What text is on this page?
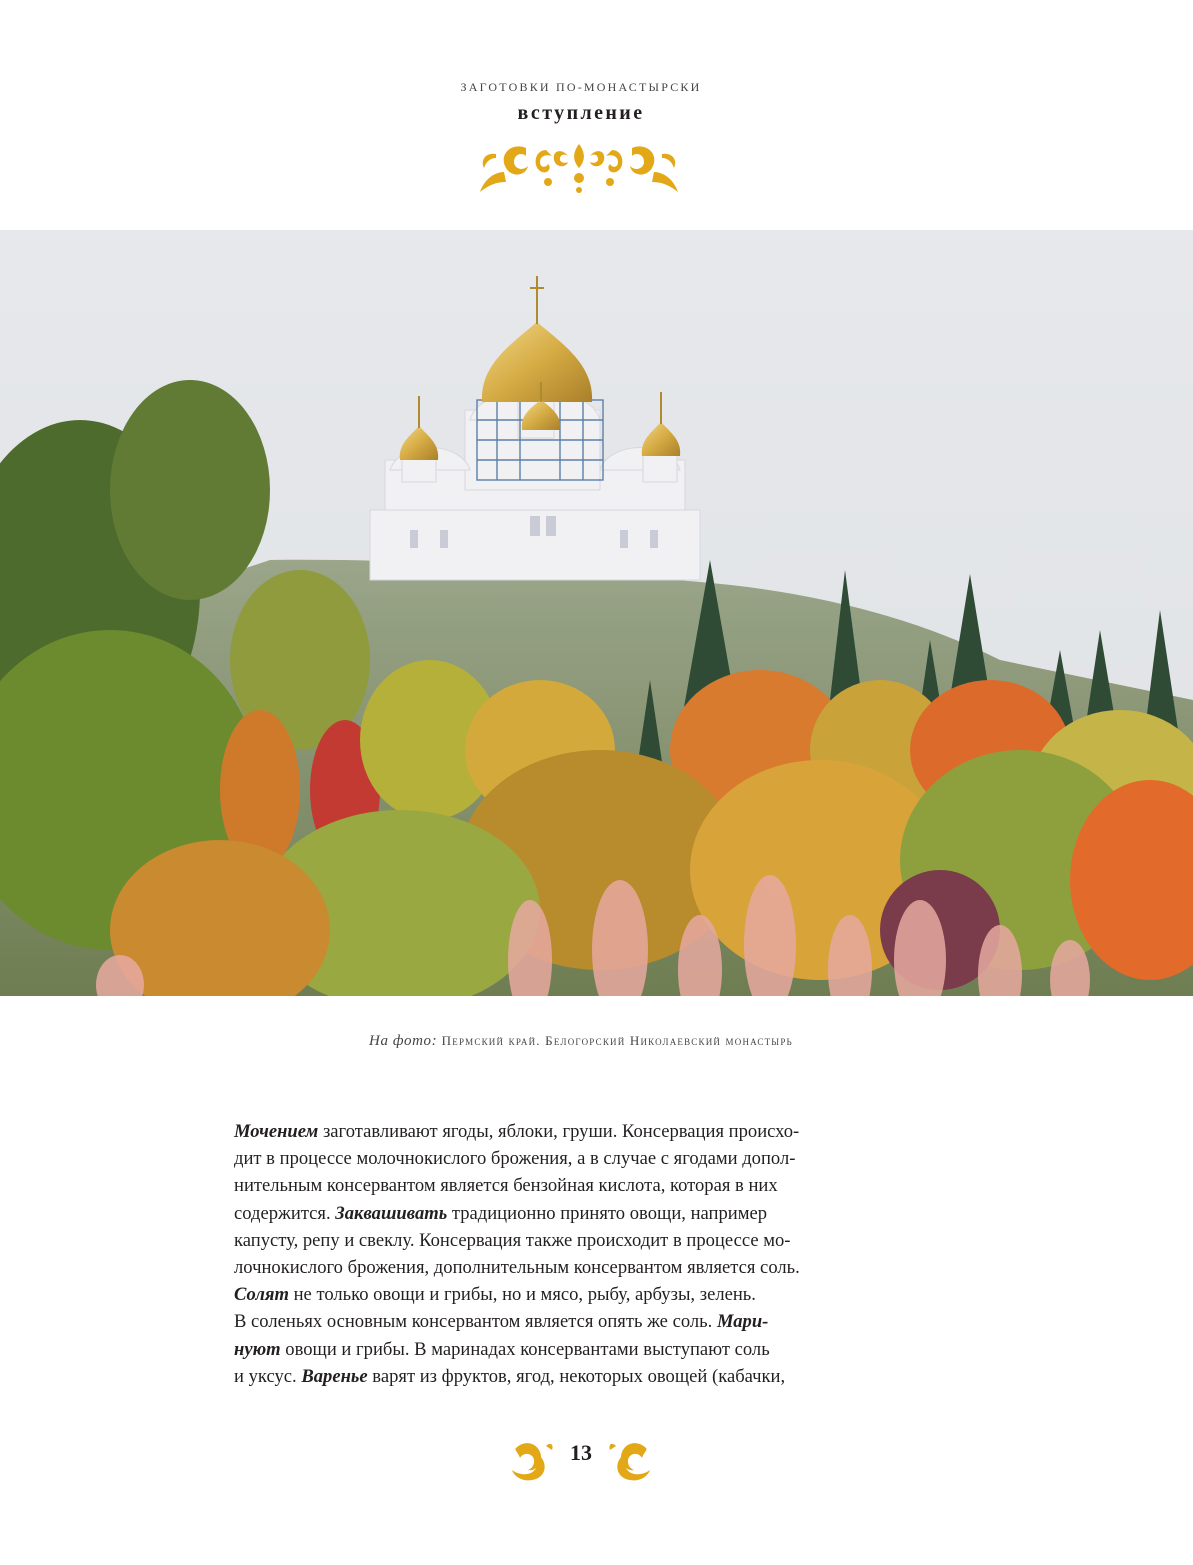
ЗАГОТОВКИ ПО-МОНАСТЫРСКИ
вступление
На фото: Пермский край. Белогорский Николаевский монастырь
Мочением заготавливают ягоды, яблоки, груши. Консервация происхо-
дит в процессе молочнокислого брожения, а в случае с ягодами допол-
нительным консервантом является бензойная кислота, которая в них
содержится. Заквашивать традиционно принято овощи, например
капусту, репу и свеклу. Консервация также происходит в процессе мо-
лочнокислого брожения, дополнительным консервантом является соль.
Солят не только овощи и грибы, но и мясо, рыбу, арбузы, зелень.
В соленьях основным консервантом является опять же соль. Мари-
нуют овощи и грибы. В маринадах консервантами выступают соль
и уксус. Варенье варят из фруктов, ягод, некоторых овощей (кабачки,
13
